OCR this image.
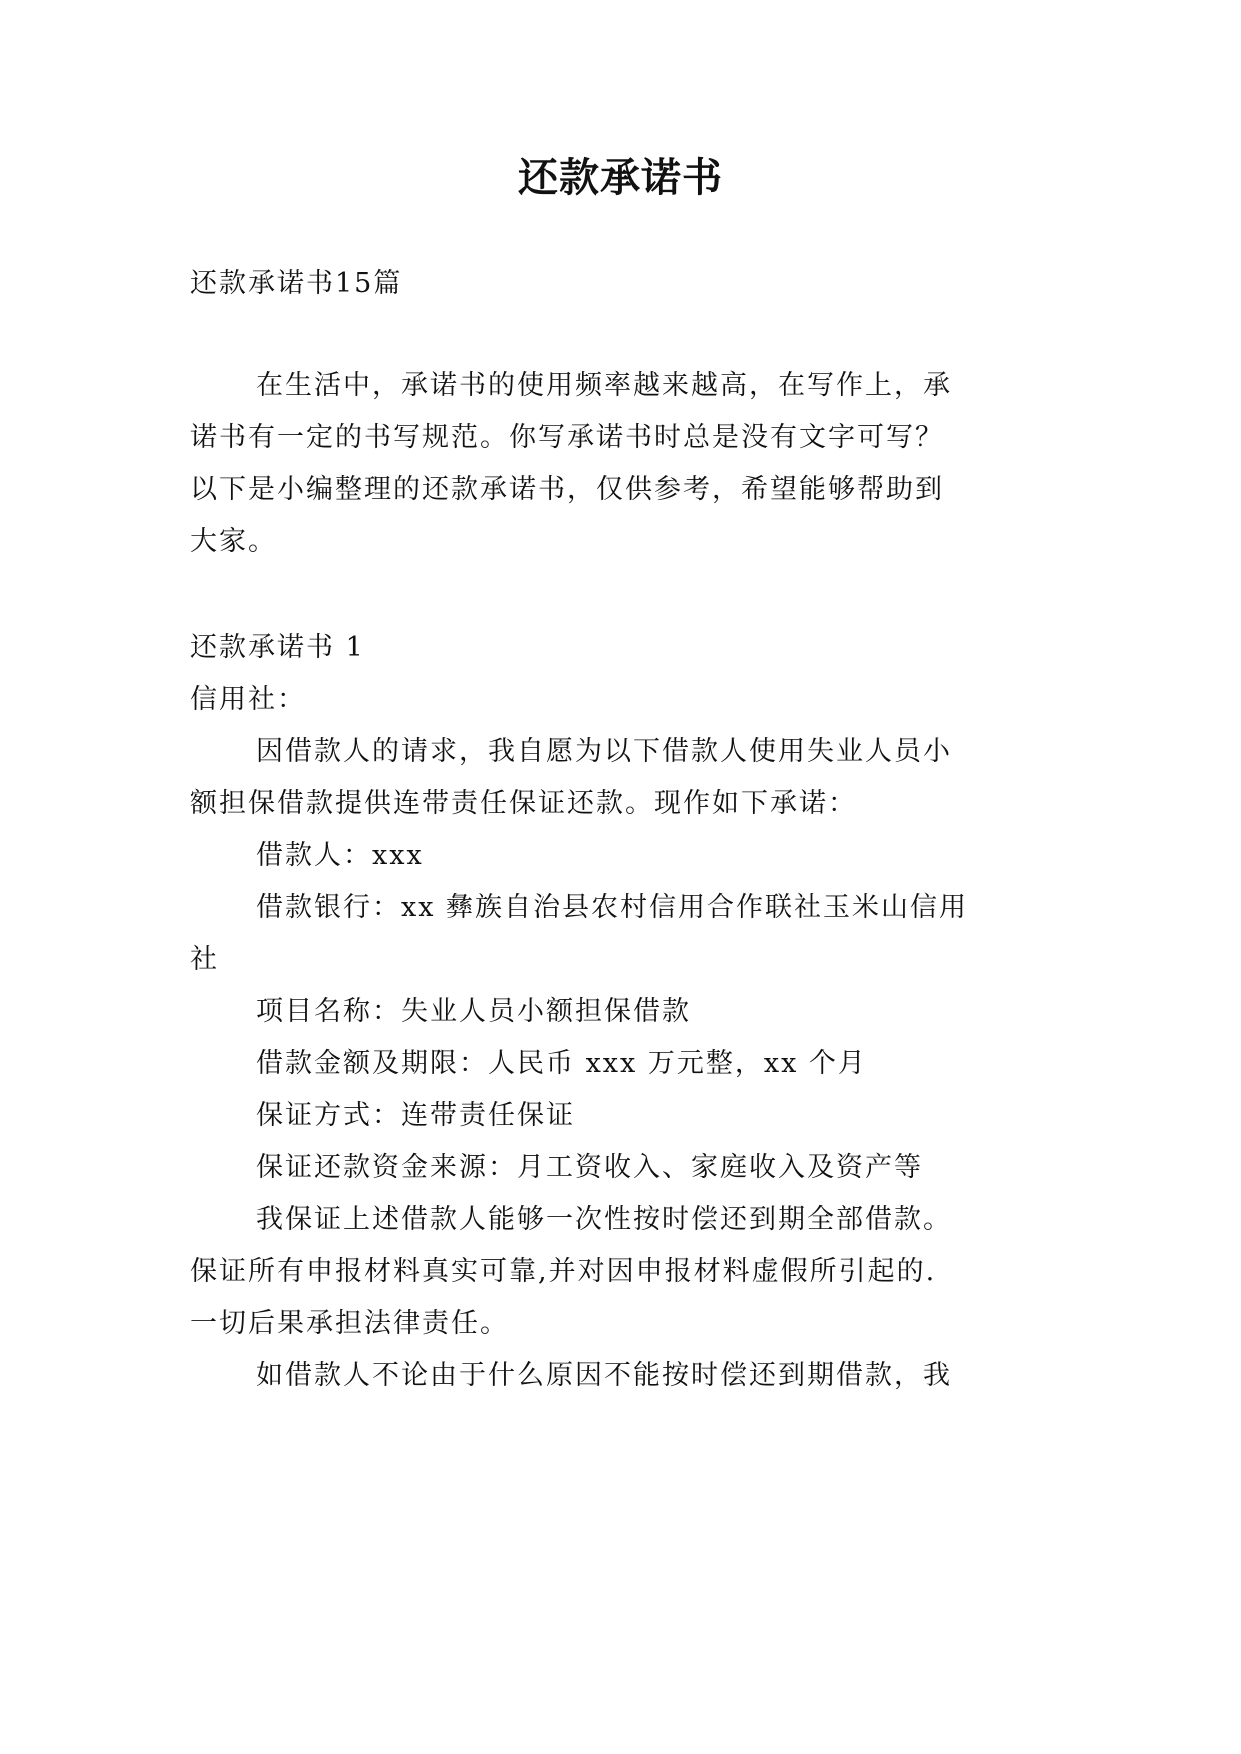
还款承诺书
还款承诺书15篇
在生活中，承诺书的使用频率越来越高，在写作上，承
诺书有一定的书写规范。你写承诺书时总是没有文字可写？
以下是小编整理的还款承诺书，仅供参考，希望能够帮助到
大家。
还款承诺书 1
信用社：
因借款人的请求，我自愿为以下借款人使用失业人员小
额担保借款提供连带责任保证还款。现作如下承诺：
借款人：xxx
借款银行：xx 彝族自治县农村信用合作联社玉米山信用
社
项目名称：失业人员小额担保借款
借款金额及期限：人民币 xxx 万元整，xx 个月
保证方式：连带责任保证
保证还款资金来源：月工资收入、家庭收入及资产等
我保证上述借款人能够一次性按时偿还到期全部借款。
保证所有申报材料真实可靠,并对因申报材料虚假所引起的.
一切后果承担法律责任。
如借款人不论由于什么原因不能按时偿还到期借款，我
